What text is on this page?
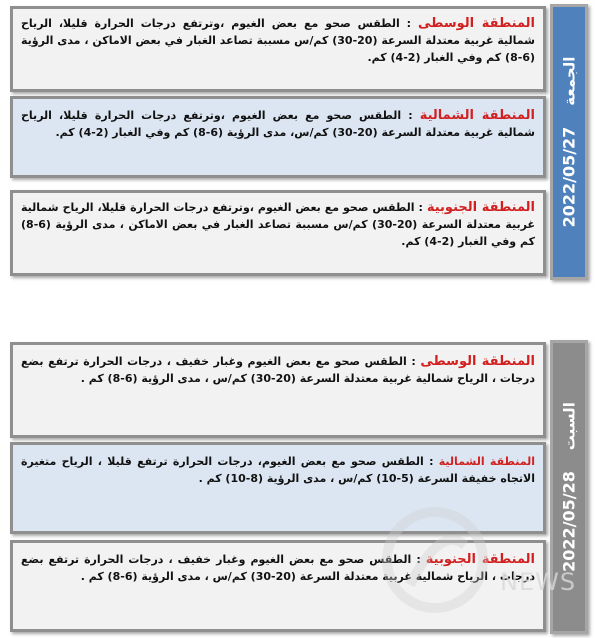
المنطقة الوسطى : الطقس صحو مع بعض الغيوم ،وترتفع درجات الحرارة قليلا، الرياح شمالية غربية معتدلة السرعة (20-30) كم/س مسببة تصاعد الغبار في بعض الاماكن ، مدى الرؤية (6-8) كم وفي الغبار (2-4) كم.
المنطقة الشمالية : الطقس صحو مع بعض الغيوم ،وترتفع درجات الحرارة قليلا، الرياح شمالية غربية معتدلة السرعة (20-30) كم/س، مدى الرؤية (6-8) كم وفي الغبار (2-4) كم.
المنطقة الجنوبية : الطقس صحو مع بعض الغيوم ،وترتفع درجات الحرارة قليلا، الرياح شمالية غربية معتدلة السرعة (20-30) كم/س مسببة تصاعد الغبار في بعض الاماكن ، مدى الرؤية (6-8) كم وفي الغبار (2-4) كم.
الجمعة    2022/05/27
المنطقة الوسطى : الطقس صحو مع بعض الغيوم وغبار خفيف ، درجات الحرارة ترتفع بضع درجات ، الرياح شمالية غربية معتدلة السرعة (20-30) كم/س ، مدى الرؤية (6-8) كم .
المنطقة الشمالية : الطقس صحو مع بعض الغيوم، درجات الحرارة ترتفع قليلا ، الرياح متغيرة الاتجاه خفيفة السرعة (5-10) كم/س ، مدى الرؤية (8-10) كم .
المنطقة الجنوبية : الطقس صحو مع بعض الغيوم وغبار خفيف ، درجات الحرارة ترتفع بضع درجات ، الرياح شمالية غربية معتدلة السرعة (20-30) كم/س ، مدى الرؤية (6-8) كم .
السبت    2022/05/28
NEWS
